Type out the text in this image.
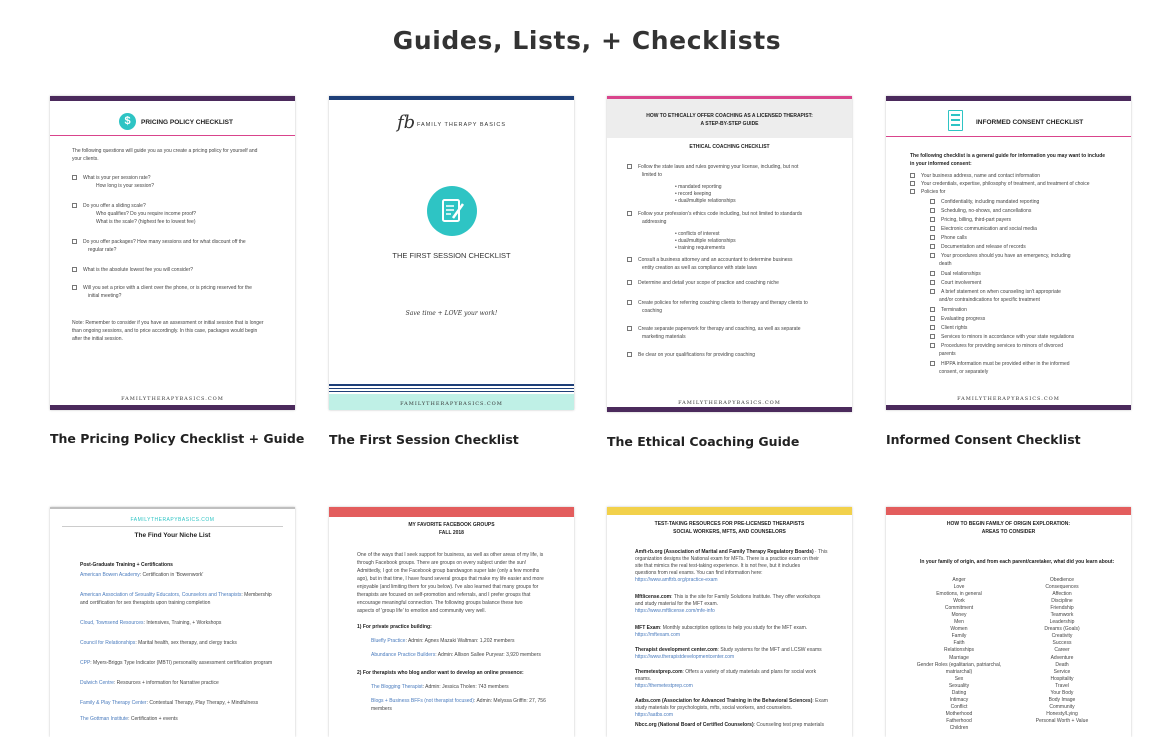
Guides, Lists, + Checklists
$	PRICING POLICY CHECKLIST
The following questions will guide you as you create a pricing policy for yourself and
your clients.
What is your per session rate?
How long is your session?
Do you offer a sliding scale?
Who qualifies? Do you require income proof?
What is the scale? (highest fee to lowest fee)
Do you offer packages? How many sessions and for what discount off the
regular rate?
What is the absolute lowest fee you will consider?
Will you set a price with a client over the phone, or is pricing reserved for the
initial meeting?
Note: Remember to consider if you have an assessment or initial session that is longer
than ongoing sessions, and to price accordingly. In this case, packages would begin
after the initial session.
FAMILYTHERAPYBASICS.COM
The Pricing Policy Checklist + Guide
fb FAMILY THERAPY BASICS
THE FIRST SESSION CHECKLIST
Save time + LOVE your work!
FAMILYTHERAPYBASICS.COM
The First Session Checklist
HOW TO ETHICALLY OFFER COACHING AS A LICENSED THERAPIST:
A STEP-BY-STEP GUIDE
ETHICAL COACHING CHECKLIST
Follow the state laws and rules governing your license, including, but not
limited to
• mandated reporting
• record keeping
• dual/multiple relationships
Follow your profession's ethics code including, but not limited to standards
addressing
• conflicts of interest
• dual/multiple relationships
• training requirements
Consult a business attorney and an accountant to determine business
entity creation as well as compliance with state laws
Determine and detail your scope of practice and coaching niche
Create policies for referring coaching clients to therapy and therapy clients to
coaching
Create separate paperwork for therapy and coaching, as well as separate
marketing materials
Be clear on your qualifications for providing coaching
FAMILYTHERAPYBASICS.COM
The Ethical Coaching Guide
INFORMED CONSENT CHECKLIST
The following checklist is a general guide for information you may want to include
in your informed consent:
Your business address, name and contact information
Your credentials, expertise, philosophy of treatment, and treatment of choice
Policies for
Confidentiality, including mandated reporting
Scheduling, no-shows, and cancellations
Pricing, billing, third-part payers
Electronic communication and social media
Phone calls
Documentation and release of records
Your procedures should you have an emergency, including
death
Dual relationships
Court involvement
A brief statement on when counseling isn't appropriate
and/or contraindications for specific treatment
Termination
Evaluating progress
Client rights
Services to minors in accordance with your state regulations
Procedures for providing services to minors of divorced
parents
HIPPA information must be provided either in the informed
consent, or separately
FAMILYTHERAPYBASICS.COM
Informed Consent Checklist
FAMILYTHERAPYBASICS.COM
The Find Your Niche List
Post-Graduate Training + Certifications
American Bowen Academy: Certification in 'Bowenwork'
American Association of Sexuality Educators, Counselors and Therapists: Membership
and certification for sex therapists upon training completion
Cloud, Townsend Resources: Intensives, Training, + Workshops
Council for Relationships: Marital health, sex therapy, and clergy tracks
CPP: Myers-Briggs Type Indicator (MBTI) personality assessment certification program
Dulwich Centre: Resources + information for Narrative practice
Family & Play Therapy Center: Contextual Therapy, Play Therapy, + Mindfulness
The Gottman Institute: Certification + events
MY FAVORITE FACEBOOK GROUPS
FALL 2018
One of the ways that I seek support for business, as well as other areas of my life, is
through Facebook groups. There are groups on every subject under the sun!
Admittedly, I got on the Facebook group bandwagon super late (only a few months
ago), but in that time, I have found several groups that make my life easier and more
enjoyable (and limiting them for you below). I've also learned that many groups for
therapists are focused on self-promotion and referrals, and I prefer groups that
encourage meaningful connection. The following groups balance these two
aspects of 'group life' to emotion and community very well.
1) For private practice building:
Bluefly Practice: Admin: Agnes Mazaki Waltman: 1,202 members
Abundance Practice Builders: Admin: Allison Sallee Puryear: 3,920 members
2) For therapists who blog and/or want to develop an online presence:
The Blogging Therapist: Admin: Jessica Tholen: 743 members
Blogs + Business BFFs (not therapist focused): Admin: Melyssa Griffin: 27, 756
members
TEST-TAKING RESOURCES FOR PRE-LICENSED THERAPISTS
SOCIAL WORKERS, MFTS, AND COUNSELORS
Amft-rb.org (Association of Marital and Family Therapy Regulatory Boards) · This
organization designs the National exam for MFTs. There is a practice exam on their
site that mimics the real test-taking experience. It is not free, but it includes
questions from real exams. You can find information here:
https://www.amftrb.org/practice-exam
Mftlicense.com: This is the site for Family Solutions Institute. They offer workshops
and study material for the MFT exam.
https://www.mftlicense.com/mfe-info
MFT Exam: Monthly subscription options to help you study for the MFT exam.
https://mftexam.com
Therapist development center.com: Study systems for the MFT and LCSW exams
https://www.therapistdevelopmentcenter.com
Themetestprep.com: Offers a variety of study materials and plans for social work
exams.
https://themetestprep.com
Aatbs.com (Association for Advanced Training in the Behavioral Sciences): Exam
study materials for psychologists, mfts, social workers, and counselors.
https://aatbs.com
Nbcc.org (National Board of Certified Counselors): Counseling test prep materials
HOW TO BEGIN FAMILY OF ORIGIN EXPLORATION:
AREAS TO CONSIDER
In your family of origin, and from each parent/caretaker, what did you learn about:
Anger
Love
Emotions, in general
Work
Commitment
Money
Men
Women
Family
Faith
Relationships
Marriage
Gender Roles (egalitarian, patriarchal,
matriarchal)
Sex
Sexuality
Dating
Intimacy
Conflict
Motherhood
Fatherhood
Children
Obedience
Consequences
Affection
Discipline
Friendship
Teamwork
Leadership
Dreams (Goals)
Creativity
Success
Career
Adventure
Death
Service
Hospitality
Travel
Your Body
Body Image
Community
Honesty/Lying
Personal Worth + Value
